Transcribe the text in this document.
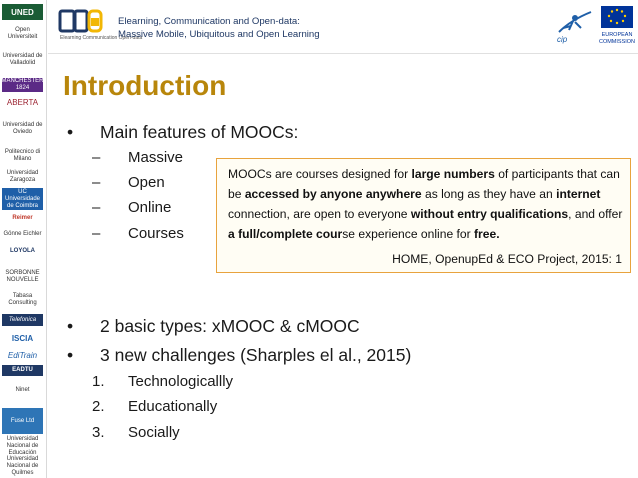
UNED
Open Universiteit
Universidad de Valladolid
MANCHESTER 1824
ABERTA
Universidad de Oviedo
Politecnico di Milano
Universidad Zaragoza
UC Universidade de Coimbra
Reimer
Gönne Eichler
LOYOLA
SORBONNE NOUVELLE
Tabasa Consulting
Telefonica
ISCIA
EdiTrain
EADTU
Ninet
Fuse Ltd
Universidad Nacional de Educación
Universidad Nacional de Quilmes
Elearning Communication Open-data
Elearning, Communication and Open-data:
Massive Mobile, Ubiquitous and Open Learning	cip	EUROPEAN
COMMISSION
Introduction
• Main features of MOOCs:
– Massive
– Open
– Online
– Courses
MOOCs are courses designed for large numbers of participants that can be accessed by anyone anywhere as long as they have an internet connection, are open to everyone without entry qualifications, and offer a full/complete course experience online for free.
HOME, OpenupEd & ECO Project, 2015: 1
• 2 basic types: xMOOC & cMOOC
• 3 new challenges (Sharples el al., 2015)
1. Technologicallly
2. Educationally
3. Socially
